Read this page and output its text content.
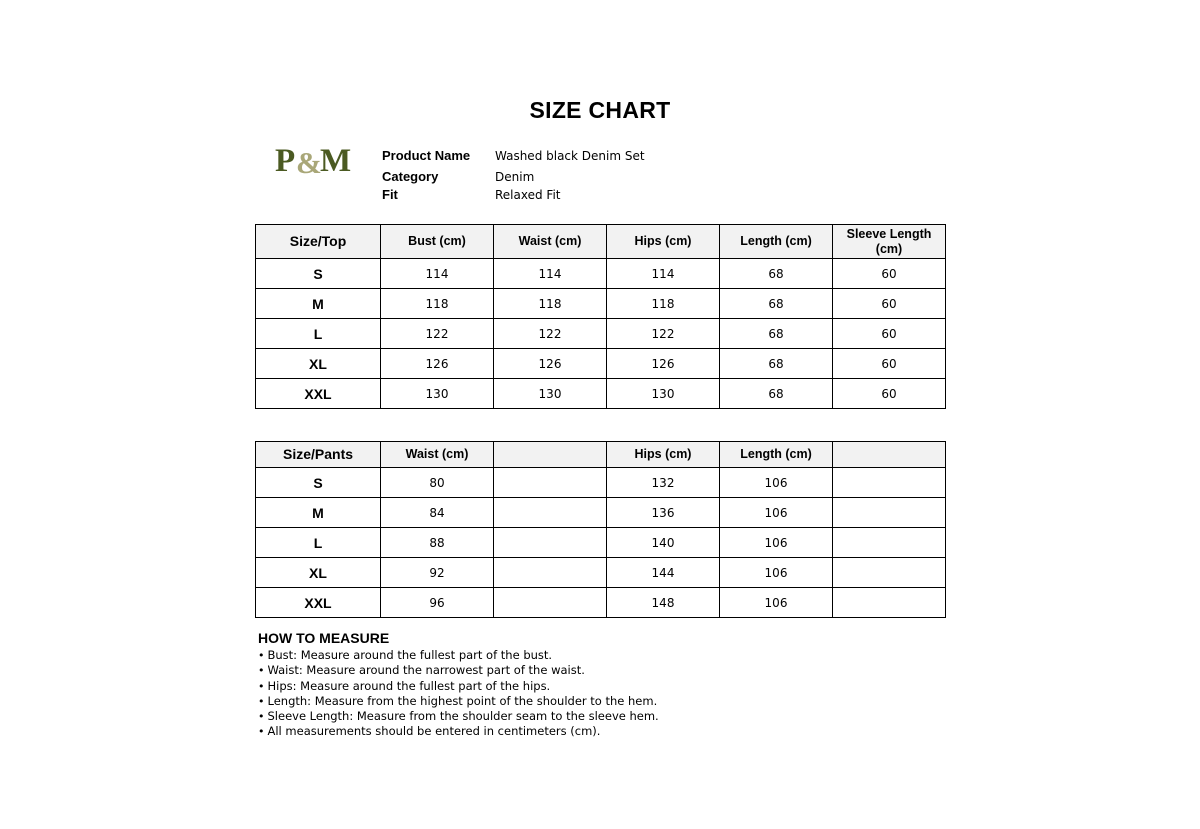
SIZE CHART
P &
M Product Name Washed black Denim Set
Category	Denim
Fit	Relaxed Fit
Size/Top	Bust (cm)	Waist (cm)	Hips (cm)	Length (cm)	Sleeve Length (cm)
S	114	114	114	68	60
M	118	118	118	68	60
L	122	122	122	68	60
XL	126	126	126	68	60
XXL	130	130	130	68	60
Size/Pants	Waist (cm)		Hips (cm)	Length (cm)	
S	80		132	106	
M	84		136	106	
L	88		140	106	
XL	92		144	106	
XXL	96		148	106	
HOW TO MEASURE
• Bust: Measure around the fullest part of the bust.
• Waist: Measure around the narrowest part of the waist.
• Hips: Measure around the fullest part of the hips.
• Length: Measure from the highest point of the shoulder to the hem.
• Sleeve Length: Measure from the shoulder seam to the sleeve hem.
• All measurements should be entered in centimeters (cm).
